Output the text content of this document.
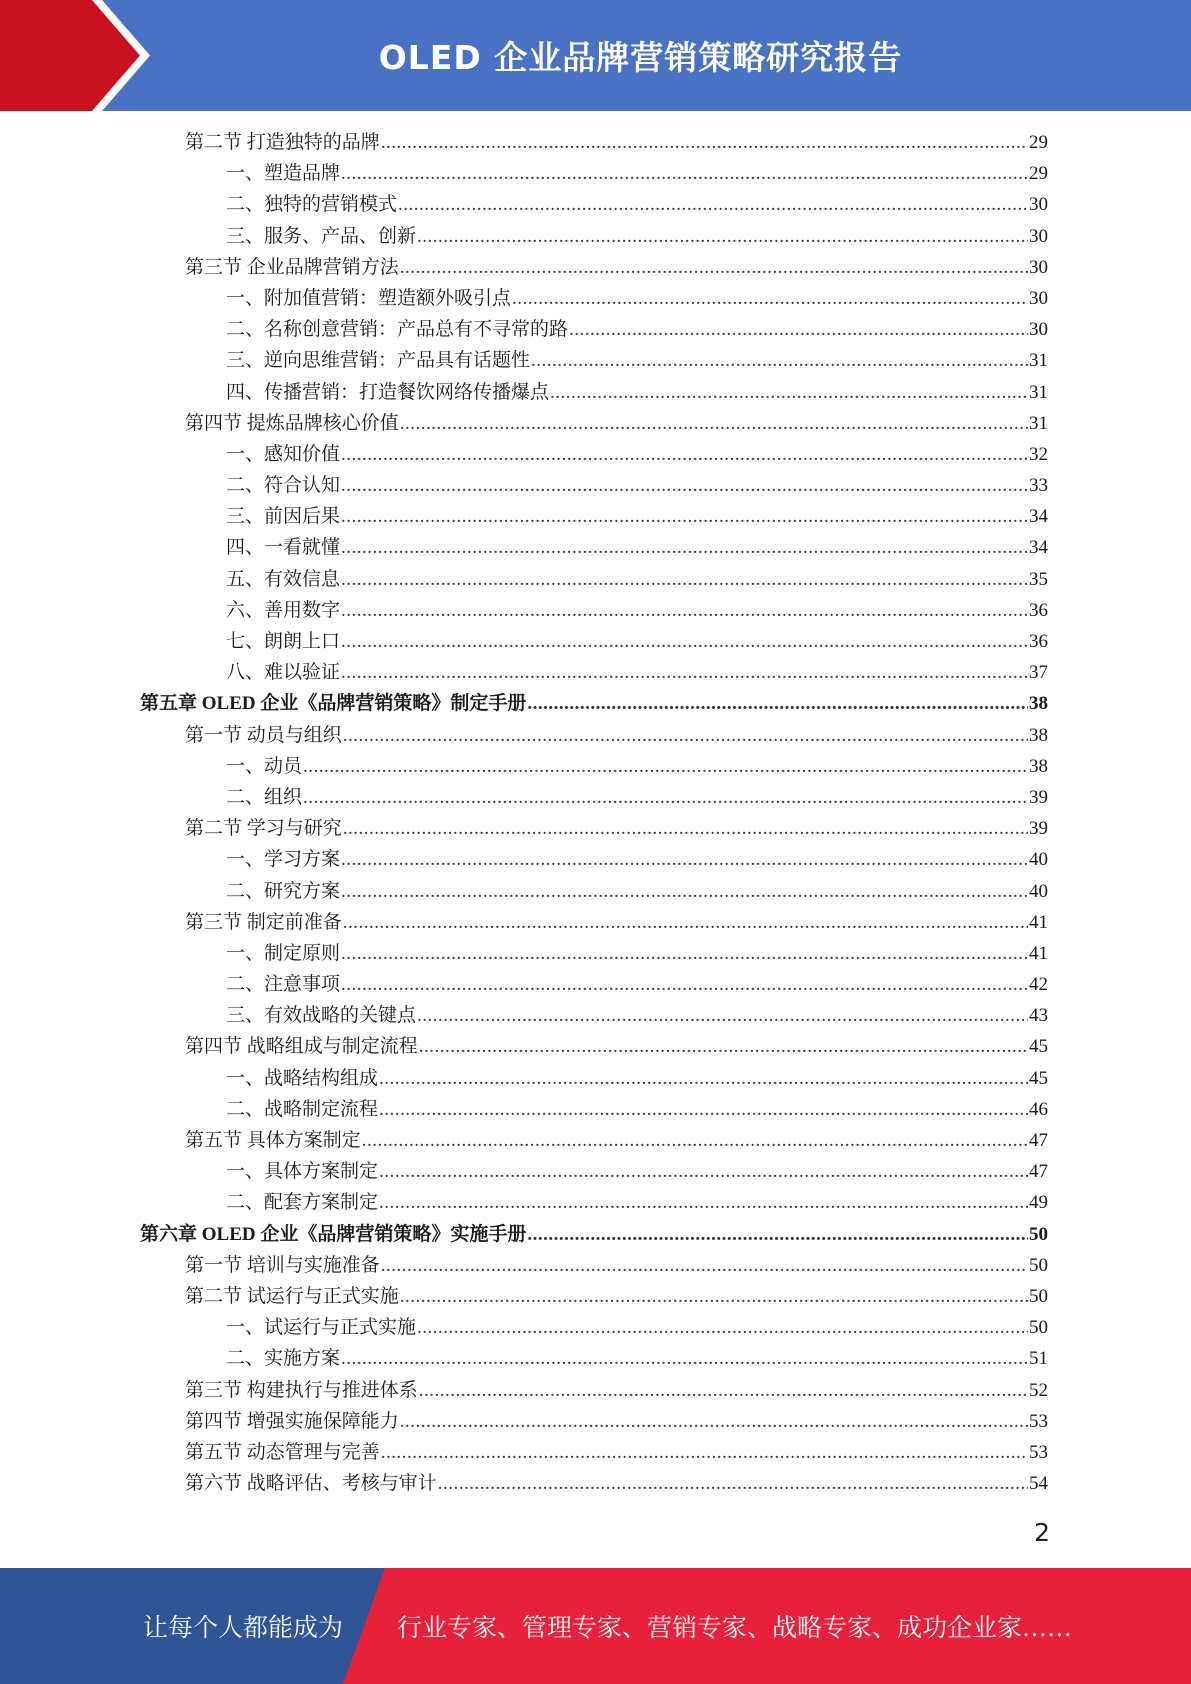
OLED 企业品牌营销策略研究报告
第二节 打造独特的品牌 .....	29
一、塑造品牌 .....	29
二、独特的营销模式 .....	30
三、服务、产品、创新 .....	30
第三节 企业品牌营销方法 .....	30
一、附加值营销：塑造额外吸引点 .....	30
二、名称创意营销：产品总有不寻常的路 .....	30
三、逆向思维营销：产品具有话题性 .....	31
四、传播营销：打造餐饮网络传播爆点 .....	31
第四节 提炼品牌核心价值 .....	31
一、感知价值 .....	32
二、符合认知 .....	33
三、前因后果 .....	34
四、一看就懂 .....	34
五、有效信息 .....	35
六、善用数字 .....	36
七、朗朗上口 .....	36
八、难以验证 .....	37
第五章 OLED 企业《品牌营销策略》制定手册 .....	38
第一节 动员与组织 .....	38
一、动员 .....	38
二、组织 .....	39
第二节 学习与研究 .....	39
一、学习方案 .....	40
二、研究方案 .....	40
第三节 制定前准备 .....	41
一、制定原则 .....	41
二、注意事项 .....	42
三、有效战略的关键点 .....	43
第四节 战略组成与制定流程 .....	45
一、战略结构组成 .....	45
二、战略制定流程 .....	46
第五节 具体方案制定 .....	47
一、具体方案制定 .....	47
二、配套方案制定 .....	49
第六章 OLED 企业《品牌营销策略》实施手册 .....	50
第一节 培训与实施准备 .....	50
第二节 试运行与正式实施 .....	50
一、试运行与正式实施 .....	50
二、实施方案 .....	51
第三节 构建执行与推进体系 .....	52
第四节 增强实施保障能力 .....	53
第五节 动态管理与完善 .....	53
第六节 战略评估、考核与审计 .....	54
2
让每个人都能成为 行业专家、管理专家、营销专家、战略专家、成功企业家……
